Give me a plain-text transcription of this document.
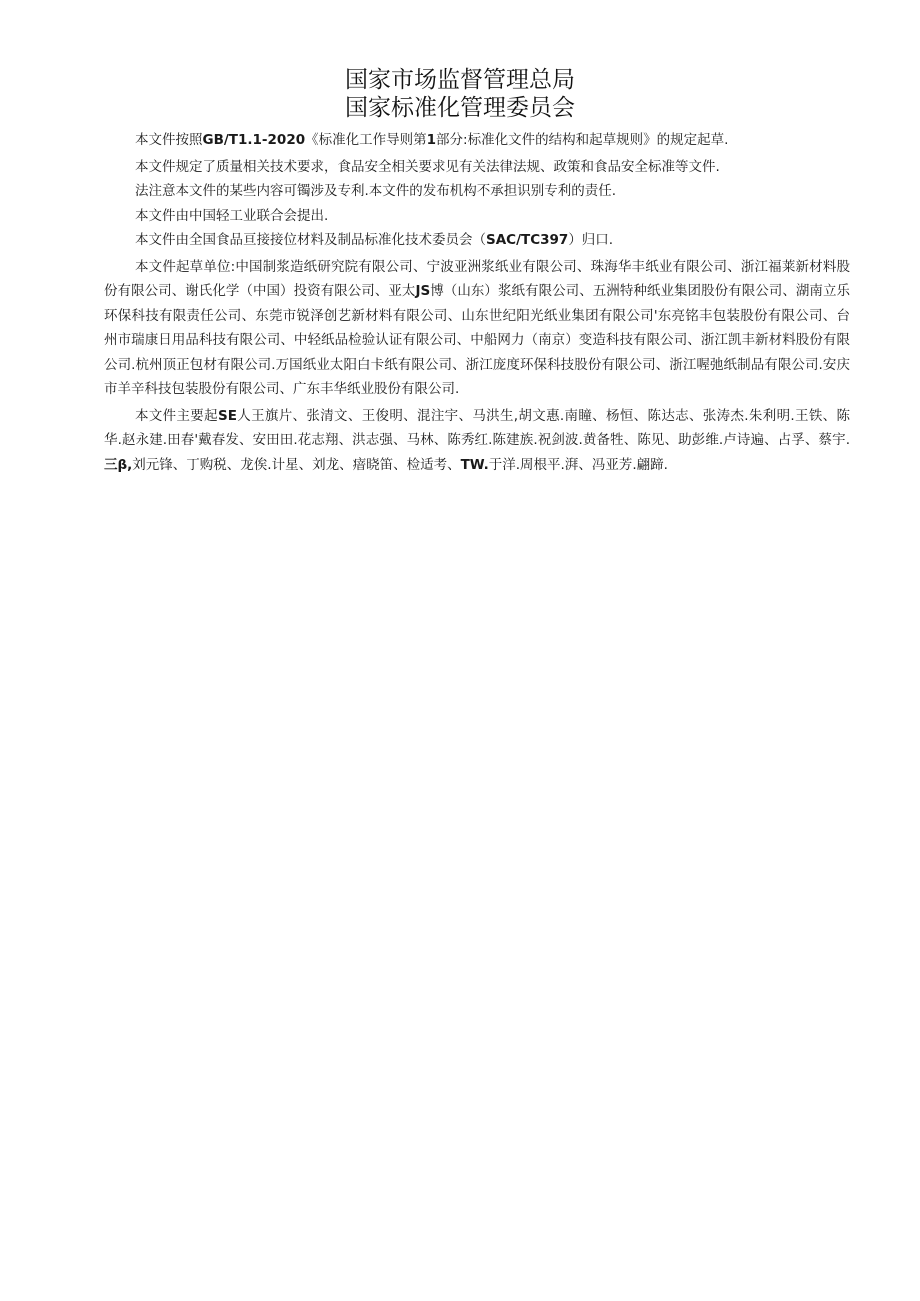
国家市场监督管理总局

国家标准化管理委员会

本文件按照GB/T1.1-2020《标准化工作导则第1部分:标准化文件的结构和起草规则》的规定起草.

本文件规定了质量相关技术要求，食品安全相关要求见有关法律法规、政策和食品安全标准等文件.

法注意本文件的某些内容可镯涉及专利.本文件的发布机构不承担识别专利的责任.

本文件由中国轻工业联合会提出.

本文件由全国食品亘接接位材料及制品标准化技术委员会（SAC/TC397）归口.

本文件起草单位:中国制浆造纸研究院有限公司、宁波亚洲浆纸业有限公司、珠海华丰纸业有限公司、浙江福莱新材料股份有限公司、谢氏化学（中国）投资有限公司、亚太JS博（山东）浆纸有限公司、五洲特种纸业集团股份有限公司、湖南立乐环保科技有限责任公司、东莞市锐泽创艺新材料有限公司、山东世纪阳光纸业集团有限公司'东亮铭丰包装股份有限公司、台州市瑞康日用品科技有限公司、中轻纸品检验认证有限公司、中船网力（南京）变造科技有限公司、浙江凯丰新材料股份有限公司.杭州顶正包材有限公司.万国纸业太阳白卡纸有限公司、浙江庞度环保科技股份有限公司、浙江喔弛纸制品有限公司.安庆市羊辛科技包装股份有限公司、广东丰华纸业股份有限公司.

本文件主要起SE人王旗片、张清文、王俊明、混注宇、马洪生,胡文惠.南瞳、杨恒、陈达志、张涛杰.朱利明.王铁、陈华.赵永建.田春'戴春发、安田田.花志翔、洪志强、马林、陈秀红.陈建族.祝剑波.黄备牲、陈见、助彭维.卢诗遍、占孚、蔡宇.三β,刘元锋、丁购税、龙俟.计星、刘龙、瘖晓笛、检适考、TW.于洋.周根平.湃、冯亚芳.翩蹄.
